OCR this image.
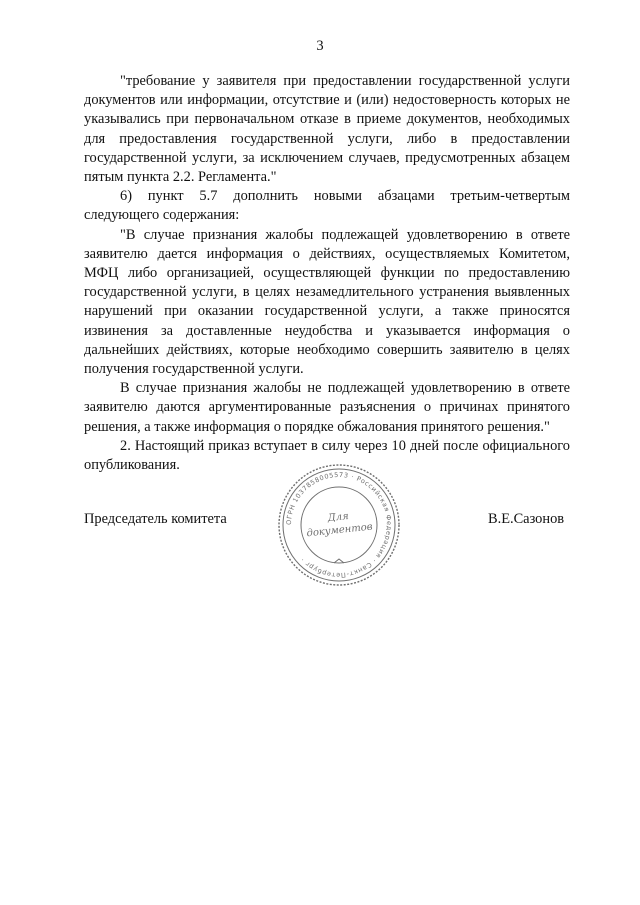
3

"требование у заявителя при предоставлении государственной услуги документов или информации, отсутствие и (или) недостоверность которых не указывались при первоначальном отказе в приеме документов, необходимых для предоставления государственной услуги, либо в предоставлении государственной услуги, за исключением случаев, предусмотренных абзацем пятым пункта 2.2. Регламента."

6) пункт 5.7 дополнить новыми абзацами третьим-четвертым следующего содержания:

"В случае признания жалобы подлежащей удовлетворению в ответе заявителю дается информация о действиях, осуществляемых Комитетом, МФЦ либо организацией, осуществляющей функции по предоставлению государственной услуги, в целях незамедлительного устранения выявленных нарушений при оказании государственной услуги, а также приносятся извинения за доставленные неудобства и указывается информация о дальнейших действиях, которые необходимо совершить заявителю в целях получения государственной услуги.

В случае признания жалобы не подлежащей удовлетворению в ответе заявителю даются аргументированные разъяснения о причинах принятого решения, а также информация о порядке обжалования принятого решения."

2. Настоящий приказ вступает в силу через 10 дней после официального опубликования.

Председатель комитета	ОГРН 1037858005573 · Российская Федерация · Санкт-Петербург ·
Для
документов
В.Е.Сазонов
